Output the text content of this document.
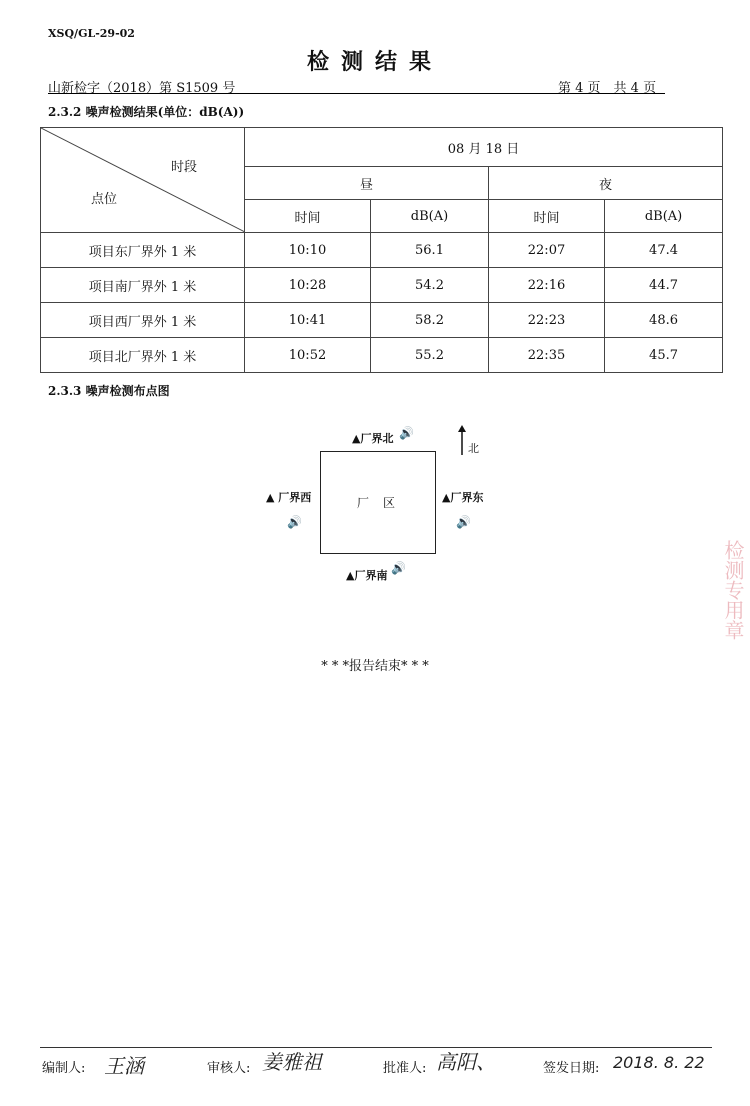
XSQ/GL-29-02
检测结果
山新检字（2018）第 S1509 号	第 4 页　共 4 页
2.3.2 噪声检测结果(单位：dB(A))
时段
点位	08 月 18 日			
	昼		夜	
	时间	dB(A)	时间	dB(A)
项目东厂界外 1 米	10:10	56.1	22:07	47.4
项目南厂界外 1 米	10:28	54.2	22:16	44.7
项目西厂界外 1 米	10:41	58.2	22:23	48.6
项目北厂界外 1 米	10:52	55.2	22:35	45.7
2.3.3 噪声检测布点图
北
厂区
▲厂界北 🔊
▲厂界南
🔊
▲ 厂界西
🔊
▲厂界东
🔊
* * *报告结束* * *
检测专用章
编制人: 王涵	审核人: 姜雅祖	批准人: 高阳、	签发日期: 2018. 8. 22
